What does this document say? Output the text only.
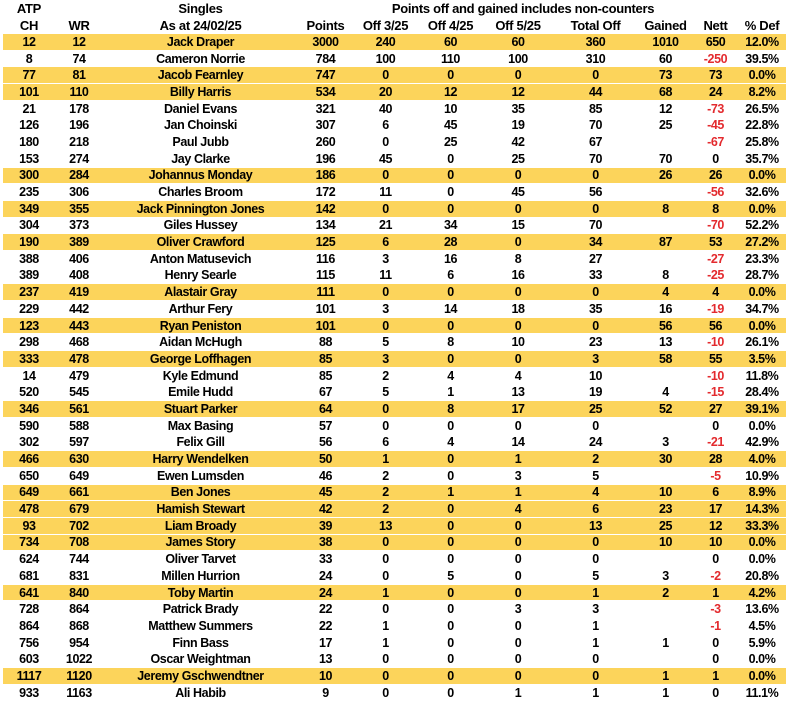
ATP		Singles		Points off and gained includes non-counters						
CH	WR	As at 24/02/25	Points	Off 3/25	Off 4/25	Off 5/25	Total Off	Gained	Nett	% Def
12	12	Jack Draper	3000	240	60	60	360	1010	650	12.0%
8	74	Cameron Norrie	784	100	110	100	310	60	-250	39.5%
77	81	Jacob Fearnley	747	0	0	0	0	73	73	0.0%
101	110	Billy Harris	534	20	12	12	44	68	24	8.2%
21	178	Daniel Evans	321	40	10	35	85	12	-73	26.5%
126	196	Jan Choinski	307	6	45	19	70	25	-45	22.8%
180	218	Paul Jubb	260	0	25	42	67		-67	25.8%
153	274	Jay Clarke	196	45	0	25	70	70	0	35.7%
300	284	Johannus Monday	186	0	0	0	0	26	26	0.0%
235	306	Charles Broom	172	11	0	45	56		-56	32.6%
349	355	Jack Pinnington Jones	142	0	0	0	0	8	8	0.0%
304	373	Giles Hussey	134	21	34	15	70		-70	52.2%
190	389	Oliver Crawford	125	6	28	0	34	87	53	27.2%
388	406	Anton Matusevich	116	3	16	8	27		-27	23.3%
389	408	Henry Searle	115	11	6	16	33	8	-25	28.7%
237	419	Alastair Gray	111	0	0	0	0	4	4	0.0%
229	442	Arthur Fery	101	3	14	18	35	16	-19	34.7%
123	443	Ryan Peniston	101	0	0	0	0	56	56	0.0%
298	468	Aidan McHugh	88	5	8	10	23	13	-10	26.1%
333	478	George Loffhagen	85	3	0	0	3	58	55	3.5%
14	479	Kyle Edmund	85	2	4	4	10		-10	11.8%
520	545	Emile Hudd	67	5	1	13	19	4	-15	28.4%
346	561	Stuart Parker	64	0	8	17	25	52	27	39.1%
590	588	Max Basing	57	0	0	0	0		0	0.0%
302	597	Felix Gill	56	6	4	14	24	3	-21	42.9%
466	630	Harry Wendelken	50	1	0	1	2	30	28	4.0%
650	649	Ewen Lumsden	46	2	0	3	5		-5	10.9%
649	661	Ben Jones	45	2	1	1	4	10	6	8.9%
478	679	Hamish Stewart	42	2	0	4	6	23	17	14.3%
93	702	Liam Broady	39	13	0	0	13	25	12	33.3%
734	708	James Story	38	0	0	0	0	10	10	0.0%
624	744	Oliver Tarvet	33	0	0	0	0		0	0.0%
681	831	Millen Hurrion	24	0	5	0	5	3	-2	20.8%
641	840	Toby Martin	24	1	0	0	1	2	1	4.2%
728	864	Patrick Brady	22	0	0	3	3		-3	13.6%
864	868	Matthew Summers	22	1	0	0	1		-1	4.5%
756	954	Finn Bass	17	1	0	0	1	1	0	5.9%
603	1022	Oscar Weightman	13	0	0	0	0		0	0.0%
1117	1120	Jeremy Gschwendtner	10	0	0	0	0	1	1	0.0%
933	1163	Ali Habib	9	0	0	1	1	1	0	11.1%
